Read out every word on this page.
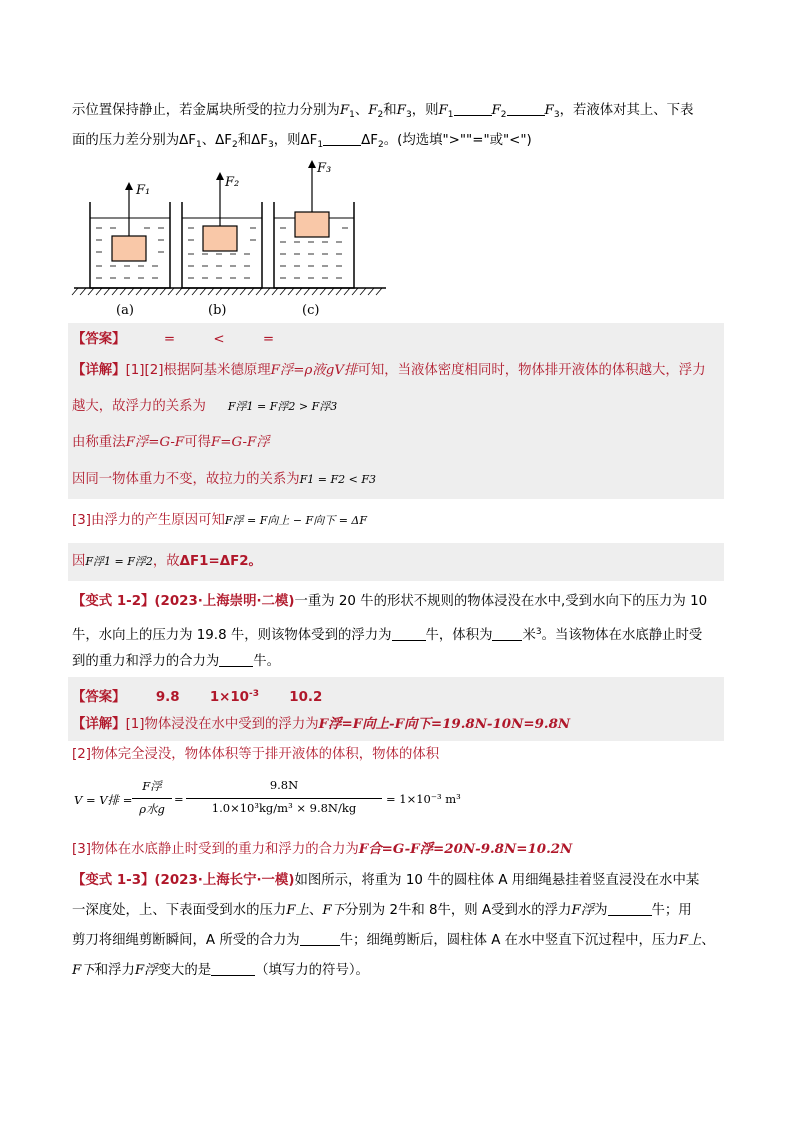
示位置保持静止，若金属块所受的拉力分别为$F_1$、$F_2$和$F_3$，则$F_1$	$F_2$	$F_3$，若液体对其上、下表
面的压力差分别为$\Delta F_1$、$\Delta F_2$和$\Delta F_3$，则$\Delta F_1$	$\Delta F_2$。(均选填">""="或"<")
F₁
F₂
F₃
(a)	(b)	(c)
【答案】	=	<	=
【详解】[1][2]根据阿基米德原理F浮=ρ液gV排可知，当液体密度相同时，物体排开液体的体积越大，浮力
越大，故浮力的关系为 F浮1 = F浮2 > F浮3
由称重法F浮=G-F可得F=G-F浮
因同一物体重力不变，故拉力的关系为F1 = F2 < F3
[3]由浮力的产生原因可知F浮 = F向上 − F向下 = ΔF
因F浮1 = F浮2，故ΔF1=ΔF2。
【变式 1-2】(2023·上海崇明·二模)一重为 20 牛的形状不规则的物体浸没在水中,受到水向下的压力为 10
牛，水向上的压力为 19.8 牛，则该物体受到的浮力为	牛，体积为 米$^3$。当该物体在水底静止时受
到的重力和浮力的合力为	牛。
【答案】 9.8 $1\times 10^{-3}$ 10.2
【详解】[1]物体浸没在水中受到的浮力为F浮=F向上-F向下=19.8N-10N=9.8N
[2]物体完全浸没，物体体积等于排开液体的体积，物体的体积
V = V排 =
F浮
ρ水g
=
9.8N
1.0×10³kg/m³ × 9.8N/kg
= 1×10⁻³ m³
[3]物体在水底静止时受到的重力和浮力的合力为F合=G-F浮=20N-9.8N=10.2N
【变式 1-3】(2023·上海长宁·一模)如图所示，将重为 10 牛的圆柱体 A 用细绳悬挂着竖直浸没在水中某
一深度处，上、下表面受到水的压力F上、F下分别为 2牛和 8牛，则 A受到水的浮力F浮为	牛；用
剪刀将细绳剪断瞬间，A 所受的合力为	牛；细绳剪断后，圆柱体 A 在水中竖直下沉过程中，压力F上、
F下和浮力F浮变大的是	（填写力的符号）。
